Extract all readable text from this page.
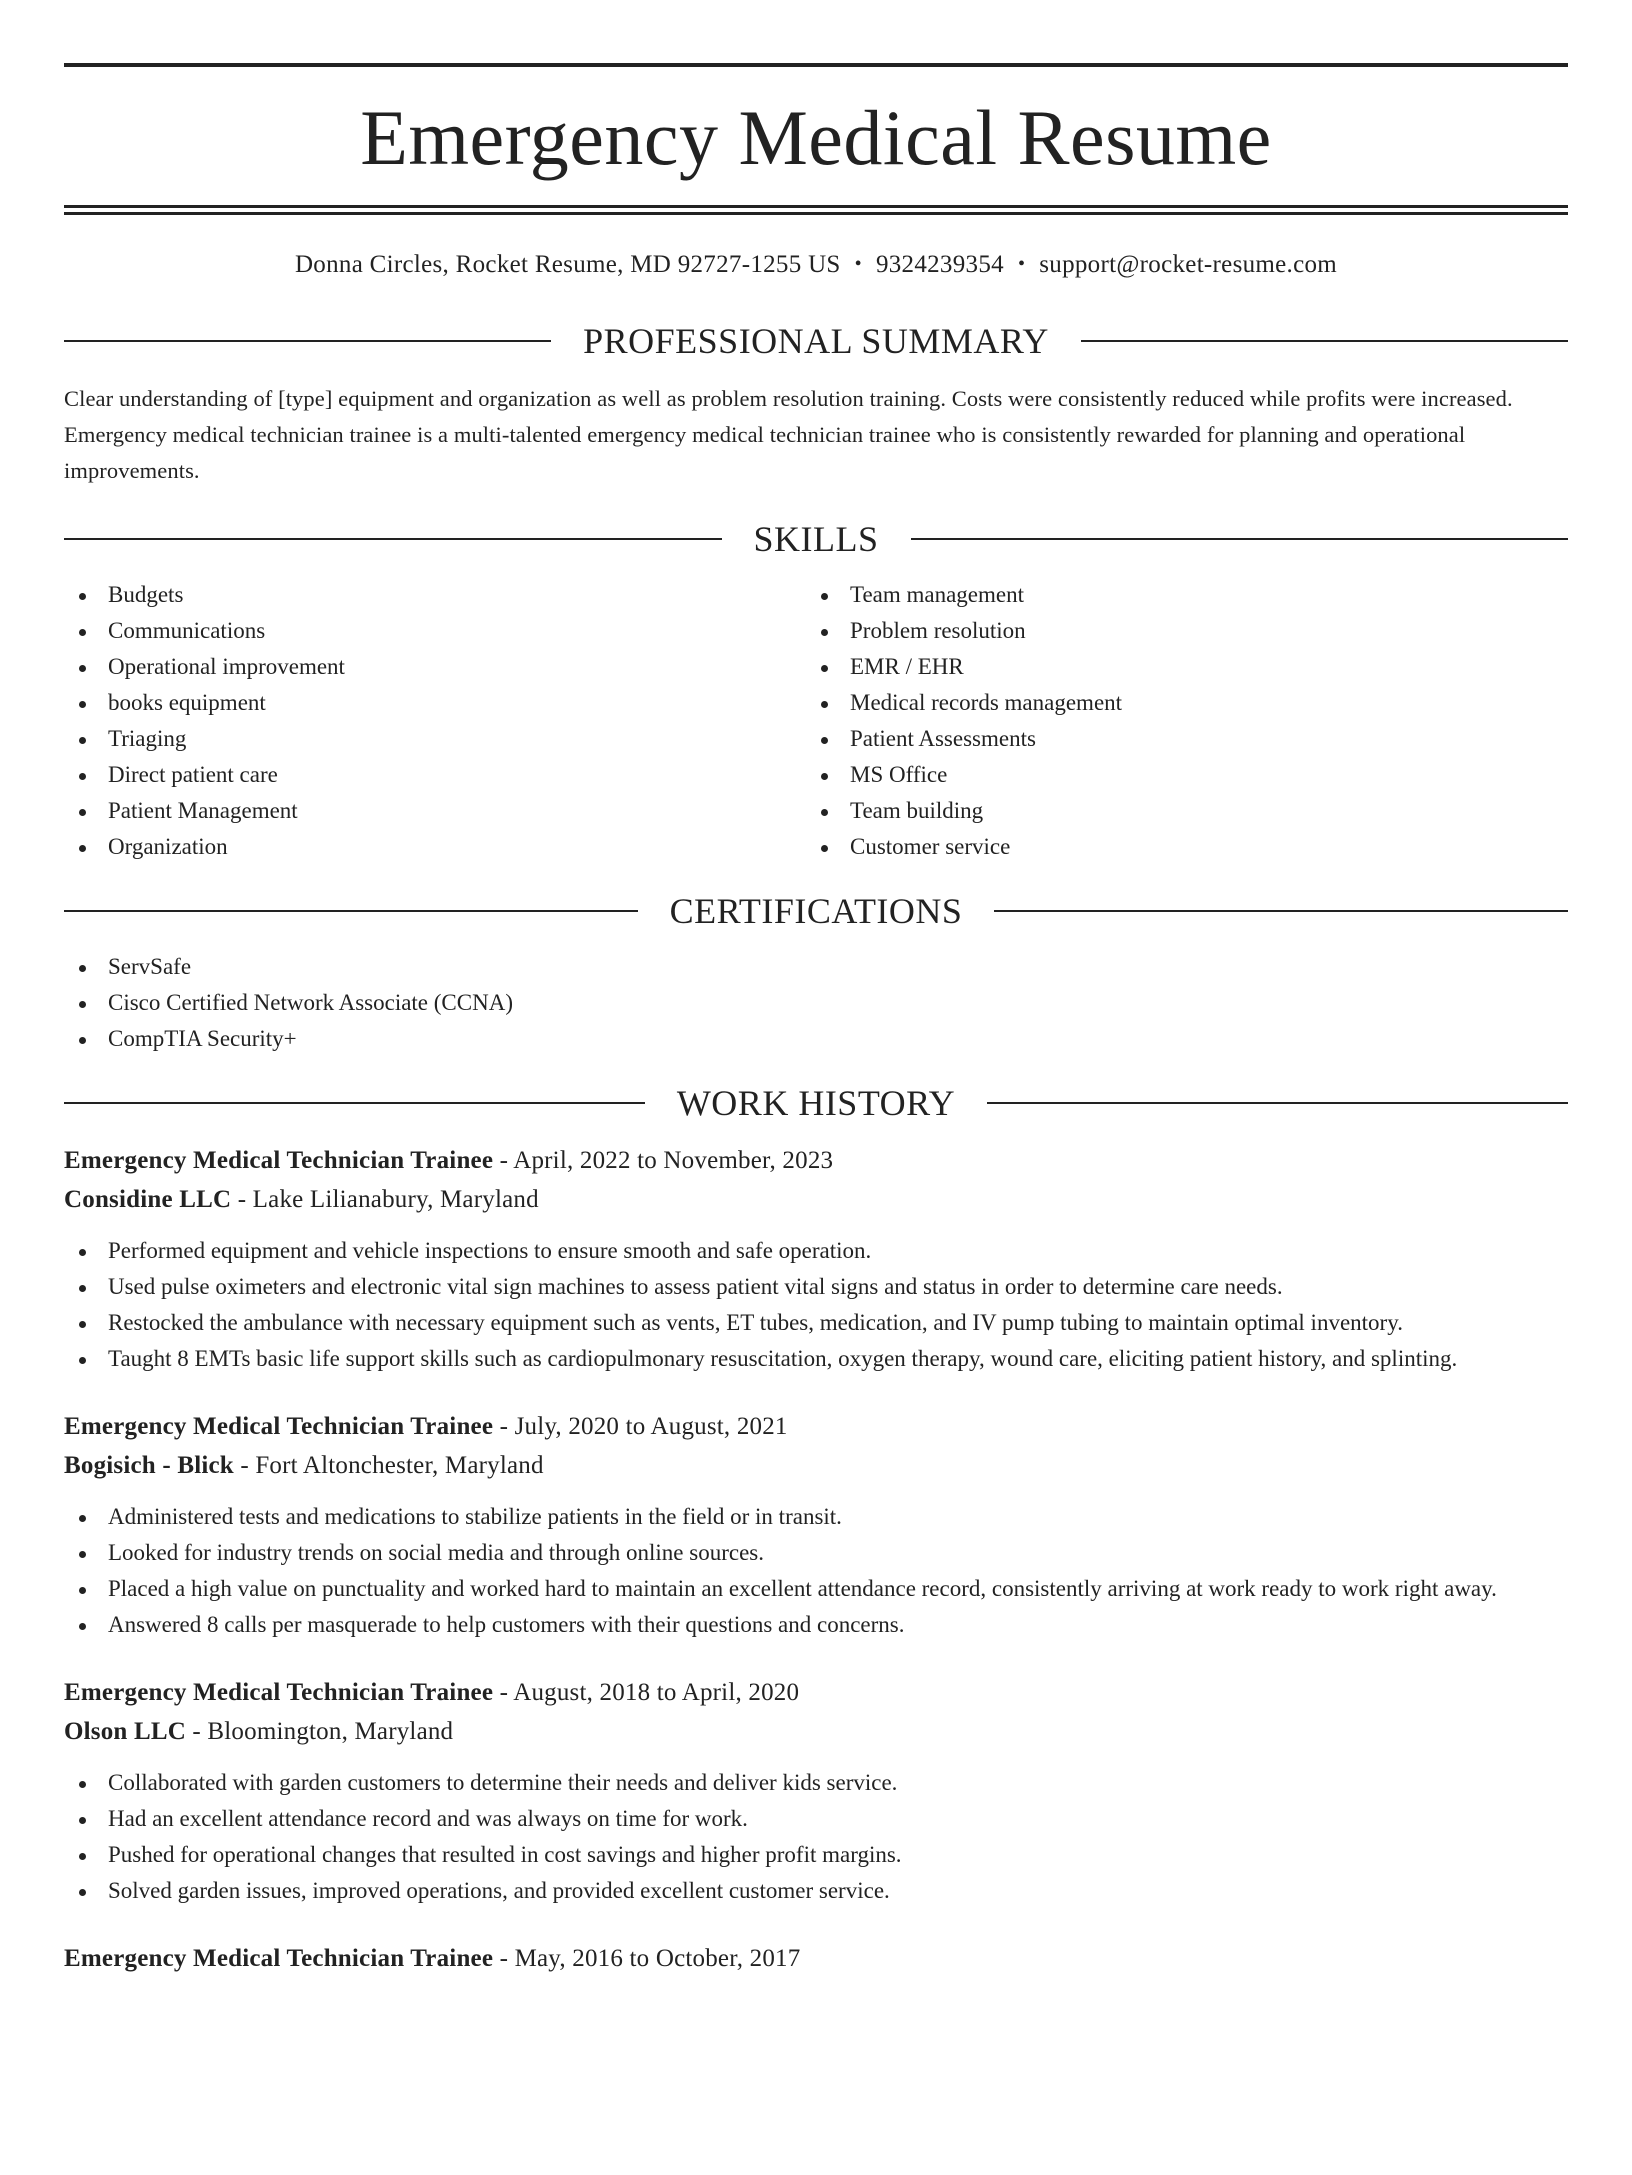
Emergency Medical Resume
Donna Circles, Rocket Resume, MD 92727-1255 US • 9324239354 • support@rocket-resume.com
PROFESSIONAL SUMMARY

Clear understanding of [type] equipment and organization as well as problem resolution training. Costs were consistently reduced while profits were increased. Emergency medical technician trainee is a multi-talented emergency medical technician trainee who is consistently rewarded for planning and operational improvements.

SKILLS
Budgets
Communications
Operational improvement
books equipment
Triaging
Direct patient care
Patient Management
Organization
Team management
Problem resolution
EMR / EHR
Medical records management
Patient Assessments
MS Office
Team building
Customer service
CERTIFICATIONS
ServSafe
Cisco Certified Network Associate (CCNA)
CompTIA Security+
WORK HISTORY
Emergency Medical Technician Trainee - April, 2022 to November, 2023
Considine LLC - Lake Lilianabury, Maryland
Performed equipment and vehicle inspections to ensure smooth and safe operation.
Used pulse oximeters and electronic vital sign machines to assess patient vital signs and status in order to determine care needs.
Restocked the ambulance with necessary equipment such as vents, ET tubes, medication, and IV pump tubing to maintain optimal inventory.
Taught 8 EMTs basic life support skills such as cardiopulmonary resuscitation, oxygen therapy, wound care, eliciting patient history, and splinting.
Emergency Medical Technician Trainee - July, 2020 to August, 2021
Bogisich - Blick - Fort Altonchester, Maryland
Administered tests and medications to stabilize patients in the field or in transit.
Looked for industry trends on social media and through online sources.
Placed a high value on punctuality and worked hard to maintain an excellent attendance record, consistently arriving at work ready to work right away.
Answered 8 calls per masquerade to help customers with their questions and concerns.
Emergency Medical Technician Trainee - August, 2018 to April, 2020
Olson LLC - Bloomington, Maryland
Collaborated with garden customers to determine their needs and deliver kids service.
Had an excellent attendance record and was always on time for work.
Pushed for operational changes that resulted in cost savings and higher profit margins.
Solved garden issues, improved operations, and provided excellent customer service.
Emergency Medical Technician Trainee - May, 2016 to October, 2017
